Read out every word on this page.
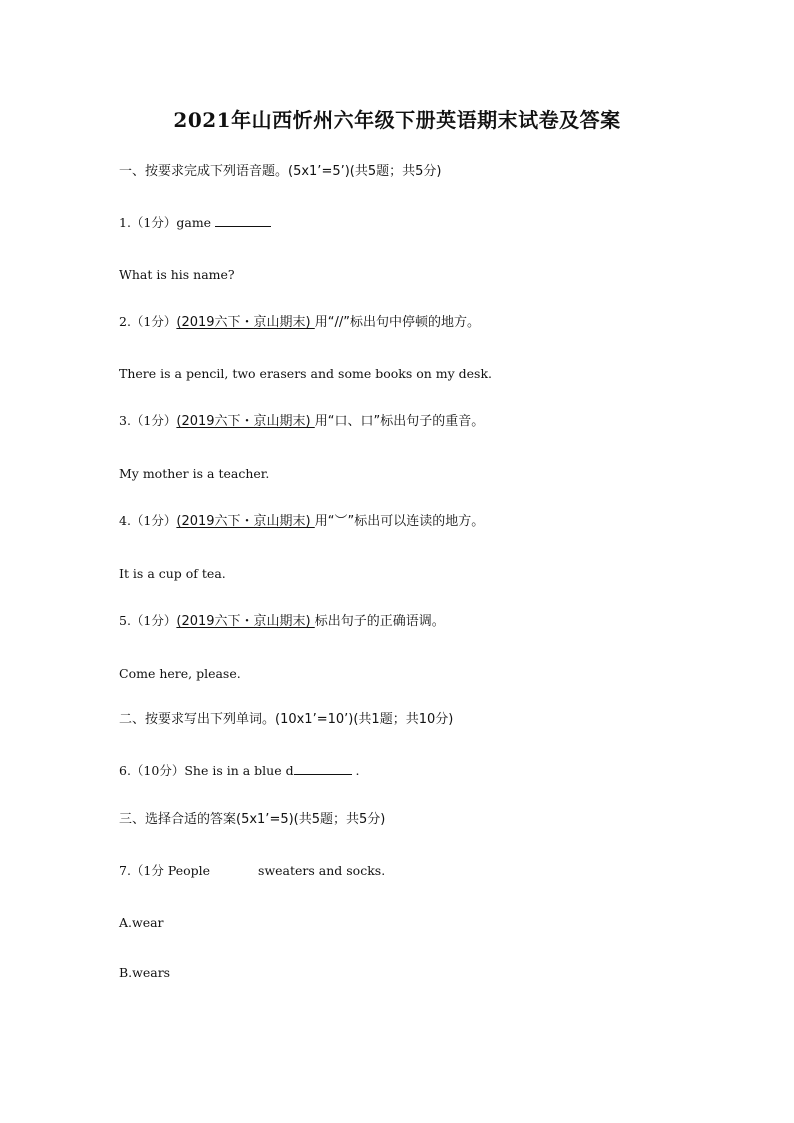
2021年山西忻州六年级下册英语期末试卷及答案
一、按要求完成下列语音题。(5x1’=5’)(共5题；共5分)
1.（1分）game
What is his name?
2.（1分）(2019六下・京山期末) 用“//”标出句中停顿的地方。
There is a pencil, two erasers and some books on my desk.
3.（1分）(2019六下・京山期末) 用“口、口”标出句子的重音。
My mother is a teacher.
4.（1分）(2019六下・京山期末) 用“︶”标出可以连读的地方。
It is a cup of tea.
5.（1分）(2019六下・京山期末) 标出句子的正确语调。
Come here, please.
二、按要求写出下列单词。(10x1’=10’)(共1题；共10分)
6.（10分）She is in a blue d	.
三、选择合适的答案(5x1’=5)(共5题；共5分)
7.（1分 People	sweaters and socks.
A.wear
B.wears
